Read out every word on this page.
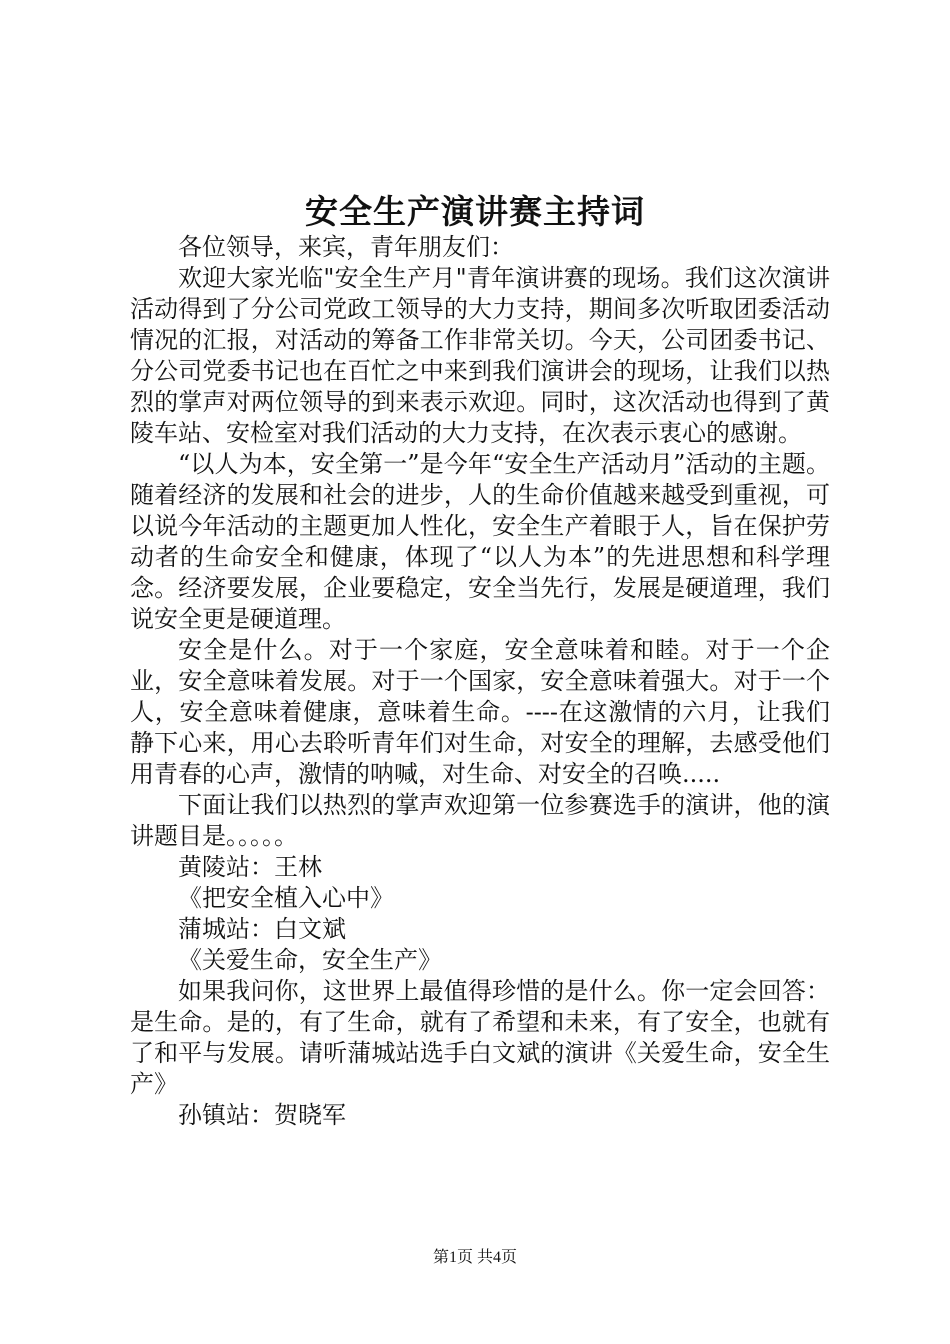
安全生产演讲赛主持词

各位领导，来宾，青年朋友们：

欢迎大家光临"安全生产月"青年演讲赛的现场。我们这次演讲活动得到了分公司党政工领导的大力支持，期间多次听取团委活动情况的汇报，对活动的筹备工作非常关切。今天，公司团委书记、分公司党委书记也在百忙之中来到我们演讲会的现场，让我们以热烈的掌声对两位领导的到来表示欢迎。同时，这次活动也得到了黄陵车站、安检室对我们活动的大力支持，在次表示衷心的感谢。

“以人为本，安全第一”是今年“安全生产活动月”活动的主题。随着经济的发展和社会的进步，人的生命价值越来越受到重视，可以说今年活动的主题更加人性化，安全生产着眼于人，旨在保护劳动者的生命安全和健康，体现了“以人为本”的先进思想和科学理念。经济要发展，企业要稳定，安全当先行，发展是硬道理，我们说安全更是硬道理。

安全是什么。对于一个家庭，安全意味着和睦。对于一个企业，安全意味着发展。对于一个国家，安全意味着强大。对于一个人，安全意味着健康，意味着生命。----在这激情的六月，让我们静下心来，用心去聆听青年们对生命，对安全的理解，去感受他们用青春的心声，激情的呐喊，对生命、对安全的召唤.....

下面让我们以热烈的掌声欢迎第一位参赛选手的演讲，他的演讲题目是。。。。。

黄陵站：王林

《把安全植入心中》

蒲城站：白文斌

《关爱生命，安全生产》

如果我问你，这世界上最值得珍惜的是什么。你一定会回答：是生命。是的，有了生命，就有了希望和未来，有了安全，也就有了和平与发展。请听蒲城站选手白文斌的演讲《关爱生命，安全生产》

孙镇站：贺晓军

第1页 共4页
